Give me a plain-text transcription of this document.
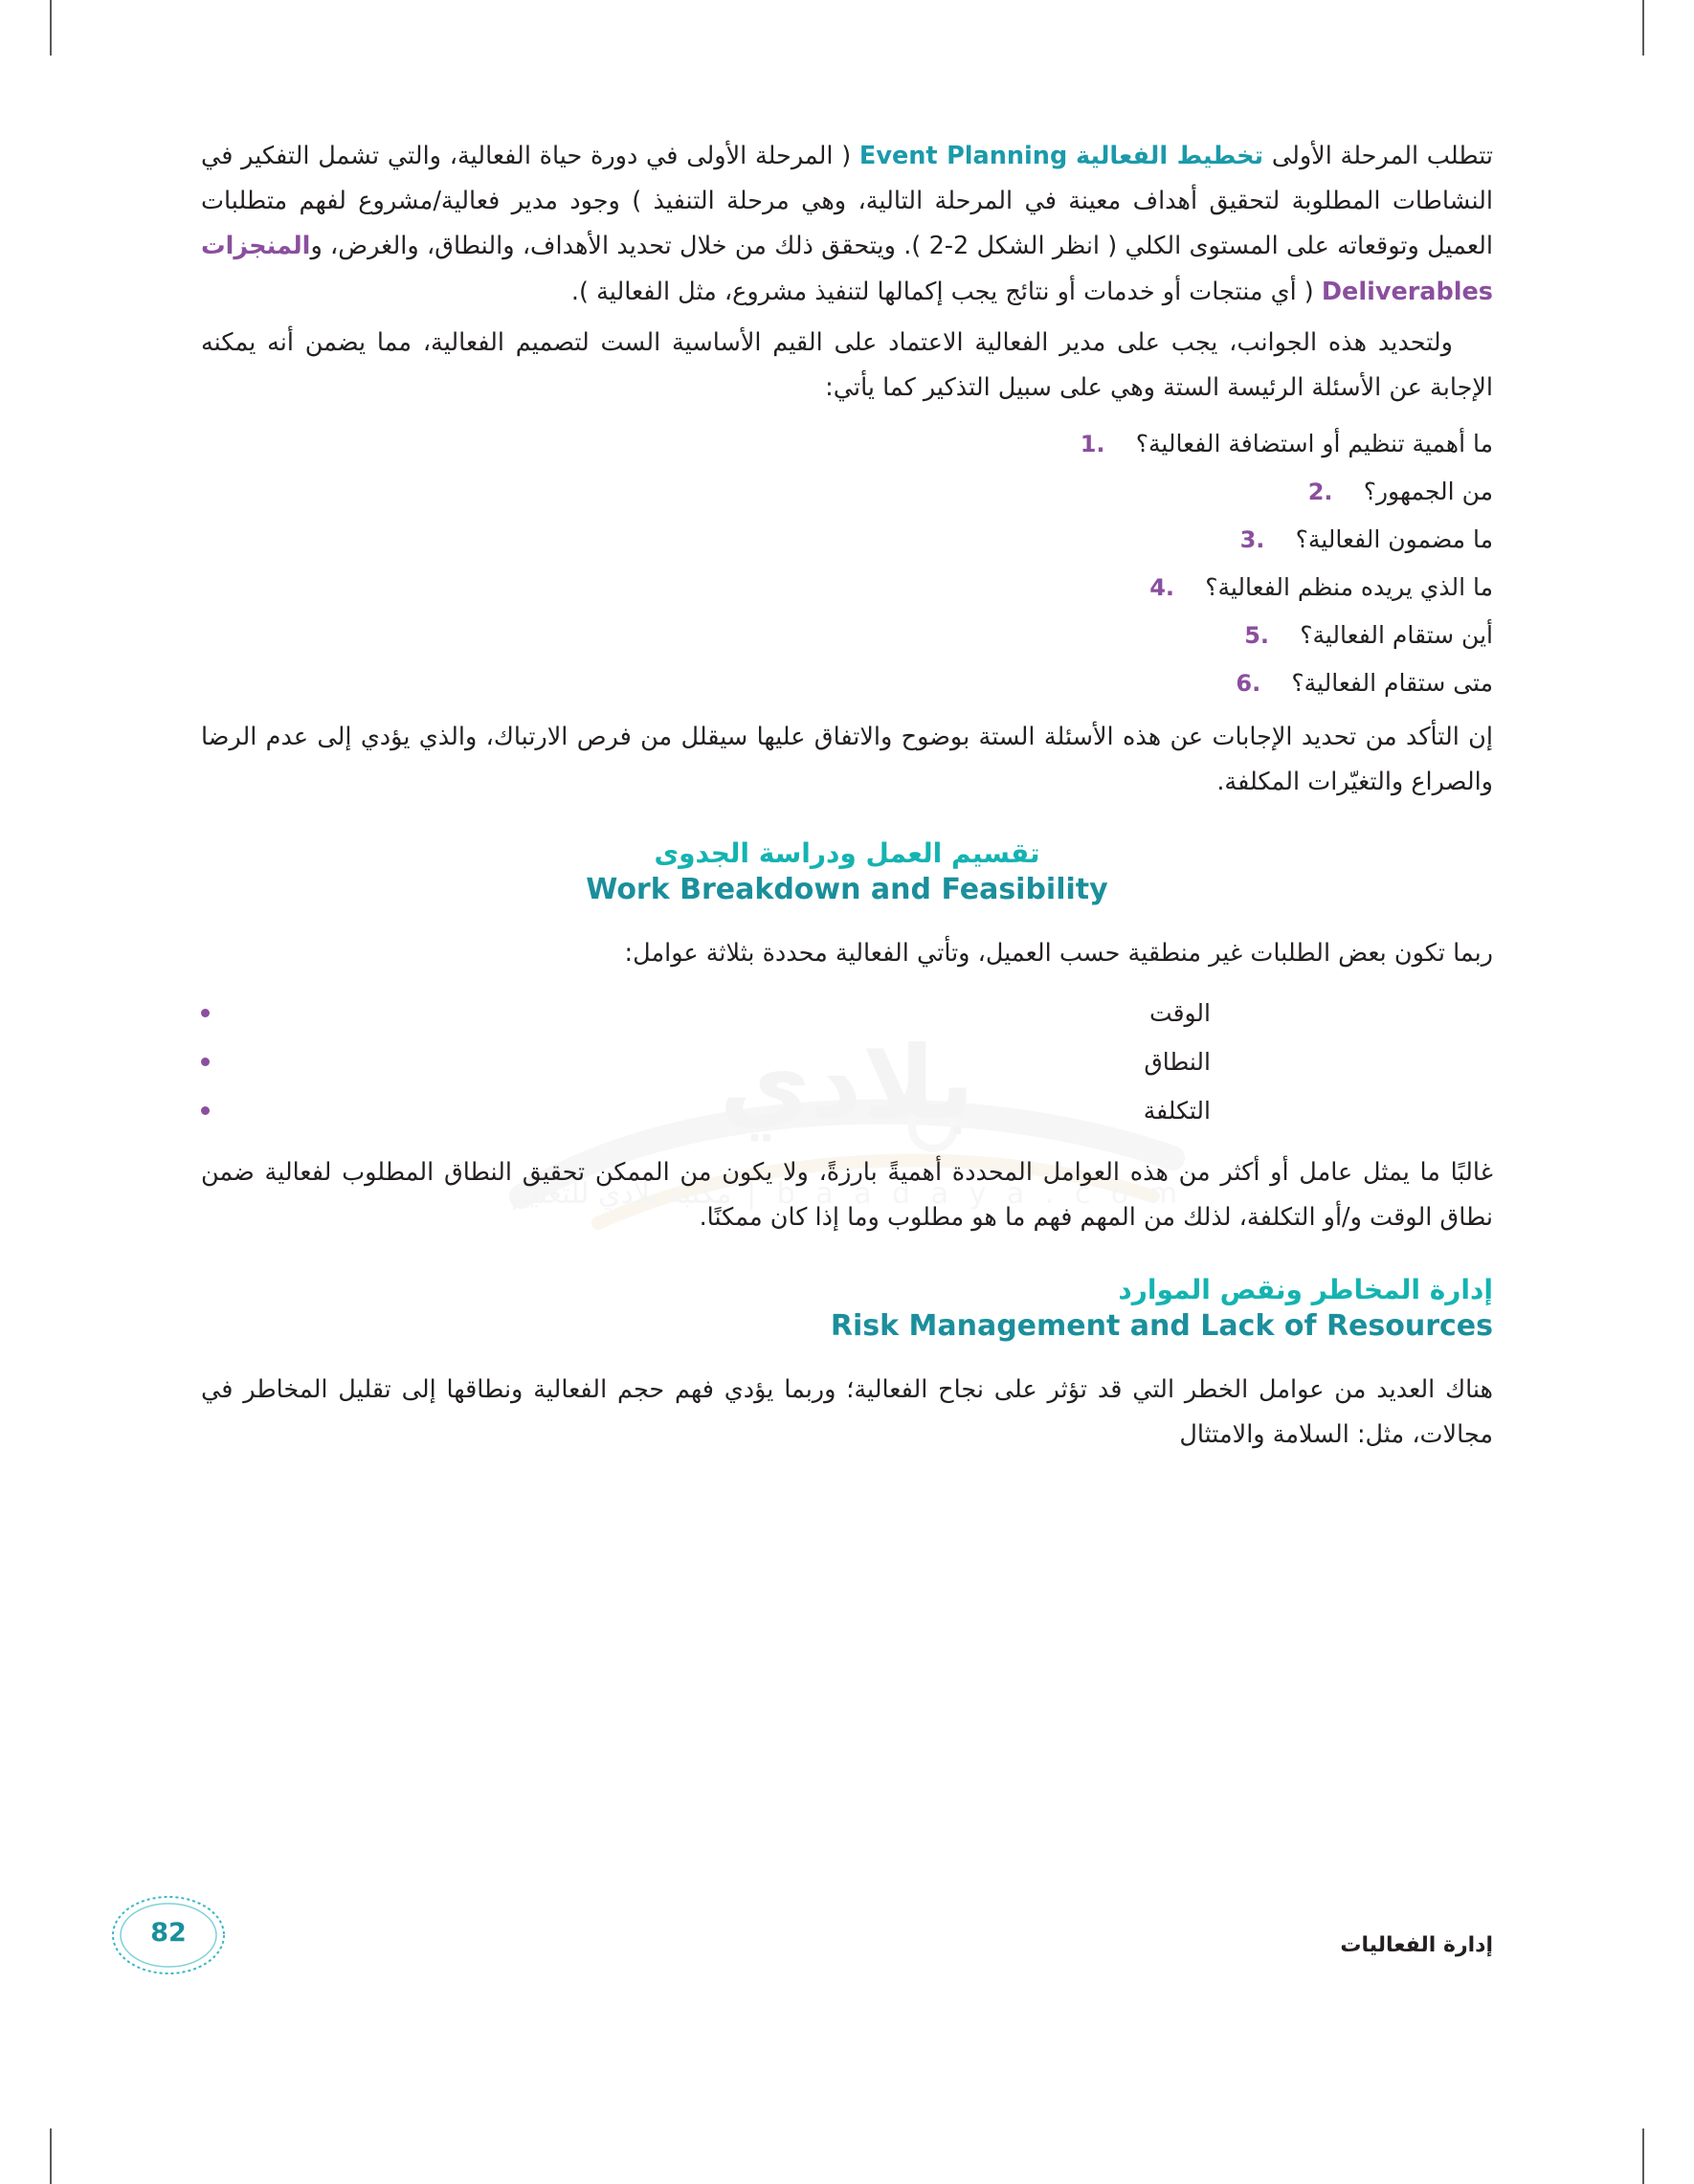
بلادي
b a a d a y a . c o m | مكتبة بلادي للتعليم

تتطلب المرحلة الأولى تخطيط الفعالية Event Planning ( المرحلة الأولى في دورة حياة الفعالية، والتي تشمل التفكير في النشاطات المطلوبة لتحقيق أهداف معينة في المرحلة التالية، وهي مرحلة التنفيذ ) وجود مدير فعالية/مشروع لفهم متطلبات العميل وتوقعاته على المستوى الكلي ( انظر الشكل 2-2 ). ويتحقق ذلك من خلال تحديد الأهداف، والنطاق، والغرض، والمنجزات Deliverables ( أي منتجات أو خدمات أو نتائج يجب إكمالها لتنفيذ مشروع، مثل الفعالية ).

ولتحديد هذه الجوانب، يجب على مدير الفعالية الاعتماد على القيم الأساسية الست لتصميم الفعالية، مما يضمن أنه يمكنه الإجابة عن الأسئلة الرئيسة الستة وهي على سبيل التذكير كما يأتي:

1.	ما أهمية تنظيم أو استضافة الفعالية؟
2.	من الجمهور؟
3.	ما مضمون الفعالية؟
4.	ما الذي يريده منظم الفعالية؟
5.	أين ستقام الفعالية؟
6.	متى ستقام الفعالية؟

إن التأكد من تحديد الإجابات عن هذه الأسئلة الستة بوضوح والاتفاق عليها سيقلل من فرص الارتباك، والذي يؤدي إلى عدم الرضا والصراع والتغيّرات المكلفة.

تقسيم العمل ودراسة الجدوى
Work Breakdown and Feasibility

ربما تكون بعض الطلبات غير منطقية حسب العميل، وتأتي الفعالية محددة بثلاثة عوامل:

الوقت
النطاق
التكلفة

غالبًا ما يمثل عامل أو أكثر من هذه العوامل المحددة أهميةً بارزةً، ولا يكون من الممكن تحقيق النطاق المطلوب لفعالية ضمن نطاق الوقت و/أو التكلفة، لذلك من المهم فهم ما هو مطلوب وما إذا كان ممكنًا.

إدارة المخاطر ونقص الموارد
Risk Management and Lack of Resources

هناك العديد من عوامل الخطر التي قد تؤثر على نجاح الفعالية؛ وربما يؤدي فهم حجم الفعالية ونطاقها إلى تقليل المخاطر في مجالات، مثل: السلامة والامتثال

إدارة الفعاليات
82
